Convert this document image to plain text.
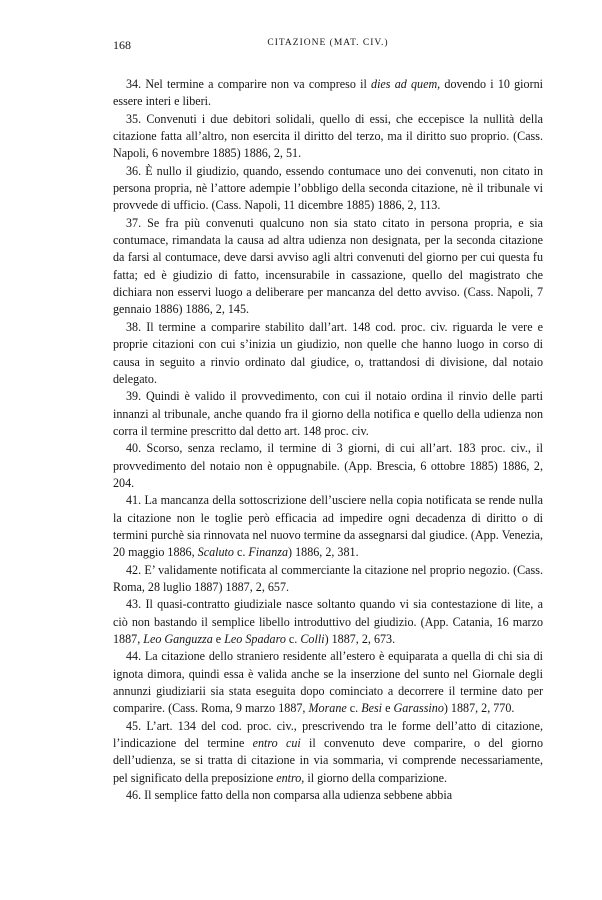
168	CITAZIONE (MAT. CIV.)

34. Nel termine a comparire non va compreso il dies ad quem, dovendo i 10 giorni essere interi e liberi.

35. Convenuti i due debitori solidali, quello di essi, che eccepisce la nullità della citazione fatta all’altro, non esercita il diritto del terzo, ma il diritto suo proprio. (Cass. Napoli, 6 novembre 1885) 1886, 2, 51.

36. È nullo il giudizio, quando, essendo contumace uno dei convenuti, non citato in persona propria, nè l’attore adempie l’obbligo della seconda citazione, nè il tribunale vi provvede di ufficio. (Cass. Napoli, 11 dicembre 1885) 1886, 2, 113.

37. Se fra più convenuti qualcuno non sia stato citato in persona propria, e sia contumace, rimandata la causa ad altra udienza non designata, per la seconda citazione da farsi al contumace, deve darsi avviso agli altri convenuti del giorno per cui questa fu fatta; ed è giudizio di fatto, incensurabile in cassazione, quello del magistrato che dichiara non esservi luogo a deliberare per mancanza del detto avviso. (Cass. Napoli, 7 gennaio 1886) 1886, 2, 145.

38. Il termine a comparire stabilito dall’art. 148 cod. proc. civ. riguarda le vere e proprie citazioni con cui s’inizia un giudizio, non quelle che hanno luogo in corso di causa in seguito a rinvio ordinato dal giudice, o, trattandosi di divisione, dal notaio delegato.

39. Quindi è valido il provvedimento, con cui il notaio ordina il rinvio delle parti innanzi al tribunale, anche quando fra il giorno della notifica e quello della udienza non corra il termine prescritto dal detto art. 148 proc. civ.

40. Scorso, senza reclamo, il termine di 3 giorni, di cui all’art. 183 proc. civ., il provvedimento del notaio non è oppugnabile. (App. Brescia, 6 ottobre 1885) 1886, 2, 204.

41. La mancanza della sottoscrizione dell’usciere nella copia notificata se rende nulla la citazione non le toglie però efficacia ad impedire ogni decadenza di diritto o di termini purchè sia rinnovata nel nuovo termine da assegnarsi dal giudice. (App. Venezia, 20 maggio 1886, Scaluto c. Finanza) 1886, 2, 381.

42. E’ validamente notificata al commerciante la citazione nel proprio negozio. (Cass. Roma, 28 luglio 1887) 1887, 2, 657.

43. Il quasi-contratto giudiziale nasce soltanto quando vi sia contestazione di lite, a ciò non bastando il semplice libello introduttivo del giudizio. (App. Catania, 16 marzo 1887, Leo Ganguzza e Leo Spadaro c. Colli) 1887, 2, 673.

44. La citazione dello straniero residente all’estero è equiparata a quella di chi sia di ignota dimora, quindi essa è valida anche se la inserzione del sunto nel Giornale degli annunzi giudiziarii sia stata eseguita dopo cominciato a decorrere il termine dato per comparire. (Cass. Roma, 9 marzo 1887, Morane c. Besi e Garassino) 1887, 2, 770.

45. L’art. 134 del cod. proc. civ., prescrivendo tra le forme dell’atto di citazione, l’indicazione del termine entro cui il convenuto deve comparire, o del giorno dell’udienza, se si tratta di citazione in via sommaria, vi comprende necessariamente, pel significato della preposizione entro, il giorno della comparizione.

46. Il semplice fatto della non comparsa alla udienza sebbene abbia
